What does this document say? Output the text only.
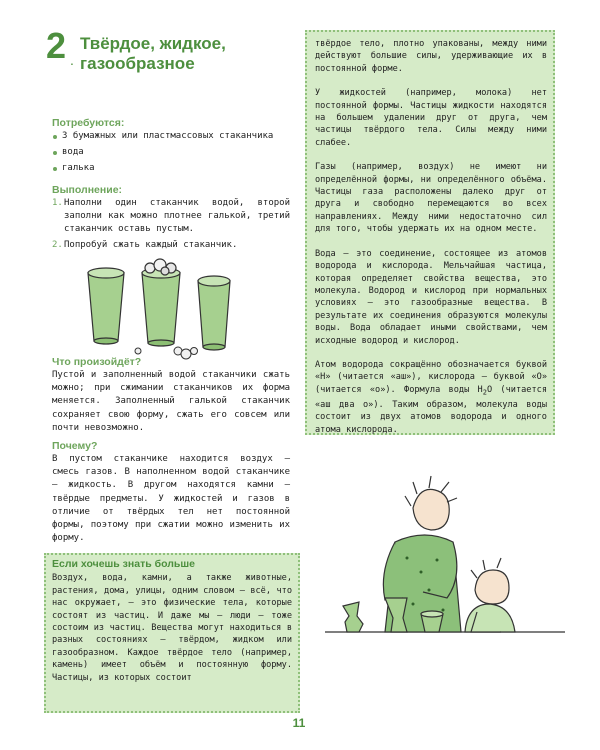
2 .
Твёрдое, жидкое, газообразное
Потребуются:
3 бумажных или пластмассовых стаканчика
вода
галька
Выполнение:
1. Наполни один стаканчик водой, второй заполни как можно плотнее галькой, третий стаканчик оставь пустым.
2. Попробуй сжать каждый стаканчик.
Что произойдёт?
Пустой и заполненный водой стаканчики сжать можно; при сжимании стаканчиков их форма меняется. Заполненный галькой стаканчик сохраняет свою форму, сжать его совсем или почти невозможно.
Почему?
В пустом стаканчике находится воздух — смесь газов. В наполненном водой стаканчике — жидкость. В другом находятся камни — твёрдые предметы. У жидкостей и газов в отличие от твёрдых тел нет постоянной формы, поэтому при сжатии можно изменить их форму.
Если хочешь знать больше
Воздух, вода, камни, а также животные, растения, дома, улицы, одним словом — всё, что нас окружает, — это физические тела, которые состоят из частиц. И даже мы — люди — тоже состоим из частиц. Вещества могут находиться в разных состояниях — твёрдом, жидком или газообразном. Каждое твёрдое тело (например, камень) имеет объём и постоянную форму. Частицы, из которых состоит

твёрдое тело, плотно упакованы, между ними действуют большие силы, удерживающие их в постоянной форме.

У жидкостей (например, молока) нет постоянной формы. Частицы жидкости находятся на большем удалении друг от друга, чем частицы твёрдого тела. Силы между ними слабее.

Газы (например, воздух) не имеют ни определённой формы, ни определённого объёма. Частицы газа расположены далеко друг от друга и свободно перемещаются во всех направлениях. Между ними недостаточно сил для того, чтобы удержать их на одном месте.

Вода — это соединение, состоящее из атомов водорода и кислорода. Мельчайшая частица, которая определяет свойства вещества, это молекула. Водород и кислород при нормальных условиях — это газообразные вещества. В результате их соединения образуются молекулы воды. Вода обладает иными свойствами, чем исходные водород и кислород.

Атом водорода сокращённо обозначается буквой «Н» (читается «аш»), кислорода — буквой «О» (читается «о»). Формула воды $Н_2О$ (читается «аш два о»). Таким образом, молекула воды состоит из двух атомов водорода и одного атома кислорода.

11
